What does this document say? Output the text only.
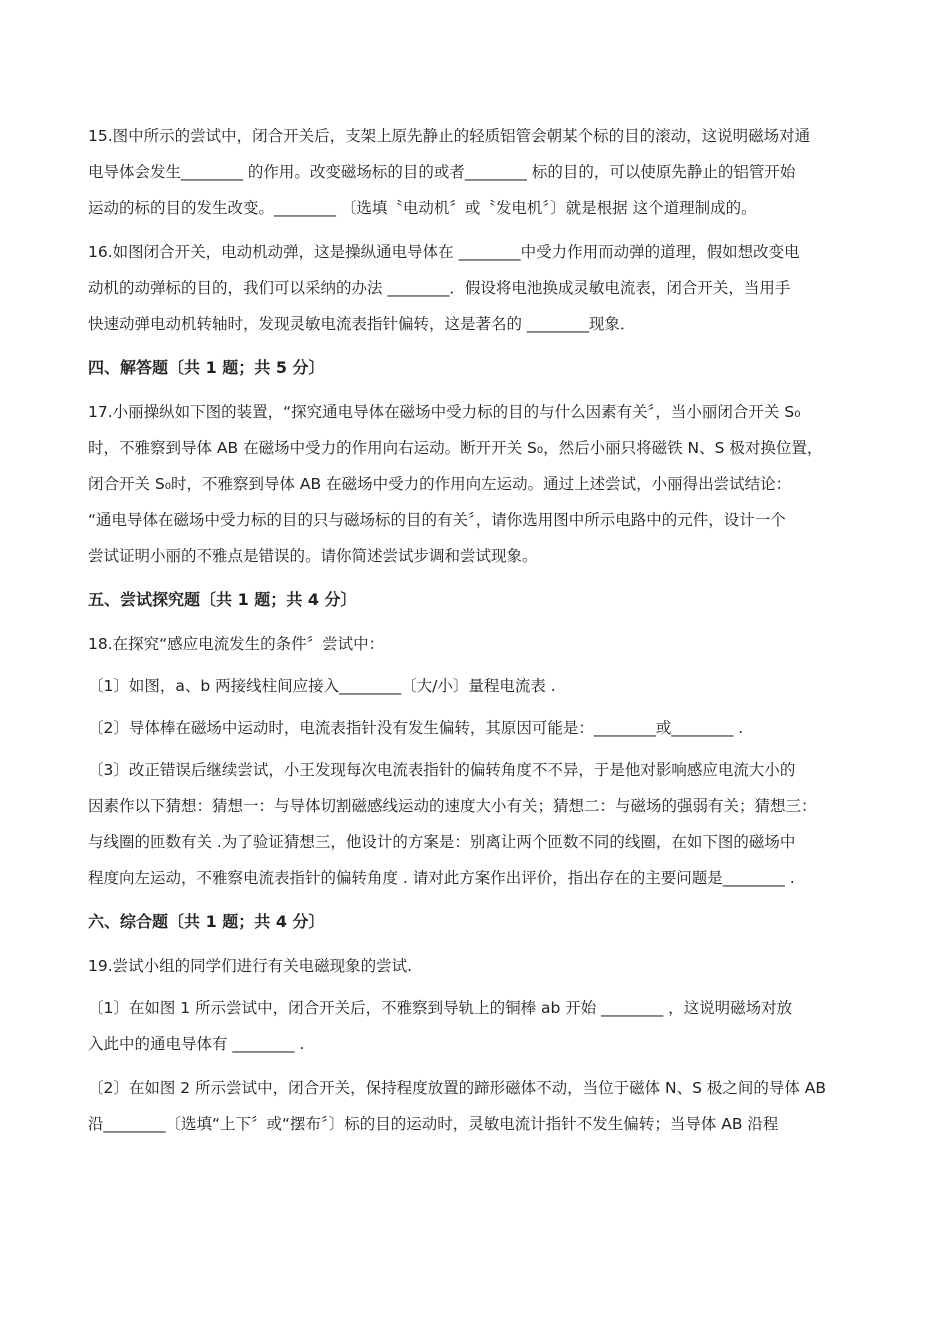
15.图中所示的尝试中，闭合开关后，支架上原先静止的轻质铝管会朝某个标的目的滚动，这说明磁场对通
电导体会发生________ 的作用。改变磁场标的目的或者________ 标的目的，可以使原先静止的铝管开始
运动的标的目的发生改变。________ 〔选填〝电动机〞或〝发电机〞〕就是根据 这个道理制成的。
16.如图闭合开关，电动机动弹，这是操纵通电导体在 ________中受力作用而动弹的道理，假如想改变电
动机的动弹标的目的，我们可以采纳的办法 ________．假设将电池换成灵敏电流表，闭合开关，当用手
快速动弹电动机转轴时，发现灵敏电流表指针偏转，这是著名的 ________现象．
四、解答题〔共 1 题；共 5 分〕
17.小丽操纵如下图的装置，“探究通电导体在磁场中受力标的目的与什么因素有关〞，当小丽闭合开关 S₀
时，不雅察到导体 AB 在磁场中受力的作用向右运动。断开开关 S₀，然后小丽只将磁铁 N、S 极对换位置，
闭合开关 S₀时，不雅察到导体 AB 在磁场中受力的作用向左运动。通过上述尝试，小丽得出尝试结论：
“通电导体在磁场中受力标的目的只与磁场标的目的有关〞，请你选用图中所示电路中的元件，设计一个
尝试证明小丽的不雅点是错误的。请你简述尝试步调和尝试现象。
五、尝试探究题〔共 1 题；共 4 分〕
18.在探究“感应电流发生的条件〞尝试中：
〔1〕如图，a、b 两接线柱间应接入________〔大/小〕量程电流表 .
〔2〕导体棒在磁场中运动时，电流表指针没有发生偏转，其原因可能是：________或________ .
〔3〕改正错误后继续尝试，小王发现每次电流表指针的偏转角度不不异，于是他对影响感应电流大小的
因素作以下猜想：猜想一：与导体切割磁感线运动的速度大小有关；猜想二：与磁场的强弱有关；猜想三：
与线圈的匝数有关 .为了验证猜想三，他设计的方案是：别离让两个匝数不同的线圈，在如下图的磁场中
程度向左运动，不雅察电流表指针的偏转角度 . 请对此方案作出评价，指出存在的主要问题是________ .
六、综合题〔共 1 题；共 4 分〕
19.尝试小组的同学们进行有关电磁现象的尝试.
〔1〕在如图 1 所示尝试中，闭合开关后，不雅察到导轨上的铜棒 ab 开始 ________ ，这说明磁场对放
入此中的通电导体有 ________ .
〔2〕在如图 2 所示尝试中，闭合开关，保持程度放置的蹄形磁体不动，当位于磁体 N、S 极之间的导体 AB
沿________〔选填“上下〞或“摆布〞〕标的目的运动时，灵敏电流计指针不发生偏转；当导体 AB 沿程
